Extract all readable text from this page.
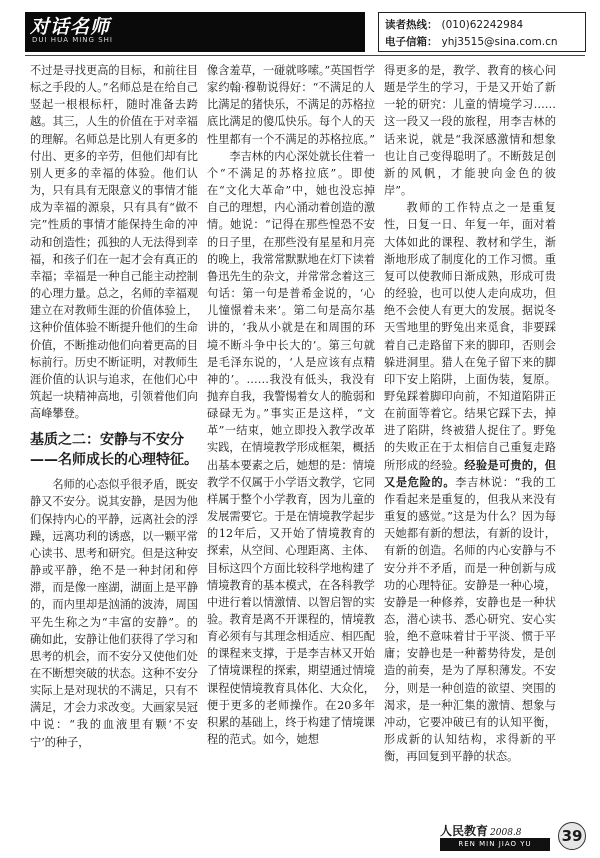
对话名师
DUI HUA MING SHI
读者热线： (010)62242984
电子信箱： yhj3515@sina.com.cn

不过是寻找更高的目标，和前往目标之手段的人。”名师总是在给自己竖起一根根标杆，随时准备去跨越。其三，人生的价值在于对幸福的理解。名师总是比别人有更多的付出、更多的辛劳，但他们却有比别人更多的幸福的体验。他们认为，只有具有无限意义的事情才能成为幸福的源泉，只有具有“做不完”性质的事情才能保持生命的冲动和创造性；孤独的人无法得到幸福，和孩子们在一起才会有真正的幸福；幸福是一种自己能主动控制的心理力量。总之，名师的幸福观建立在对教师生涯的价值体验上，这种价值体验不断提升他们的生命价值，不断推动他们向着更高的目标前行。历史不断证明，对教师生涯价值的认识与追求，在他们心中筑起一块精神高地，引领着他们向高峰攀登。

基质之二：安静与不安分——名师成长的心理特征。

名师的心态似乎很矛盾，既安静又不安分。说其安静，是因为他们保持内心的平静，远离社会的浮躁，远离功利的诱惑，以一颗平常心读书、思考和研究。但是这种安静或平静，绝不是一种封闭和停滞，而是像一座湖，湖面上是平静的，而内里却是汹涌的波涛，周国平先生称之为“丰富的安静”。的确如此，安静让他们获得了学习和思考的机会，而不安分又使他们处在不断想突破的状态。这种不安分实际上是对现状的不满足，只有不满足，才会力求改变。大画家吴冠中说：“我的血液里有颗‘不安宁’的种子，

像含羞草，一碰就哆嗦。”英国哲学家约翰·穆勒说得好：“不满足的人比满足的猪快乐，不满足的苏格拉底比满足的傻瓜快乐。每个人的天性里都有一个不满足的苏格拉底。”

李吉林的内心深处就长住着一个“不满足的苏格拉底”。即使在“文化大革命”中，她也没忘掉自己的理想，内心涌动着创造的激情。她说：“记得在那些惶恐不安的日子里，在那些没有星星和月亮的晚上，我常常默默地在灯下读着鲁迅先生的杂文，并常常念着这三句话：第一句是普希金说的，‘心儿憧憬着未来’。第二句是高尔基讲的，‘我从小就是在和周围的环境不断斗争中长大的’。第三句就是毛泽东说的，‘人是应该有点精神的’。……我没有低头，我没有抛弃自我，我警惕着女人的脆弱和碌碌无为。”事实正是这样，“文革”一结束，她立即投入教学改革实践，在情境教学形成框架，概括出基本要素之后，她想的是：情境教学不仅属于小学语文教学，它同样属于整个小学教育，因为儿童的发展需要它。于是在情境教学起步的12年后，又开始了情境教育的探索，从空间、心理距离、主体、目标这四个方面比较科学地构建了情境教育的基本模式，在各科教学中进行着以情激情、以智启智的实验。教育是离不开课程的，情境教育必须有与其理念相适应、相匹配的课程来支撑，于是李吉林又开始了情境课程的探索，期望通过情境课程使情境教育具体化、大众化，便于更多的老师操作。在20多年积累的基础上，终于构建了情境课程的范式。如今，她想

得更多的是，教学、教育的核心问题是学生的学习，于是又开始了新一轮的研究：儿童的情境学习……这一段又一段的旅程，用李吉林的话来说，就是“我深感激情和想象也让自己变得聪明了。不断鼓足创新的风帆，才能驶向金色的彼岸”。

教师的工作特点之一是重复性，日复一日、年复一年，面对着大体如此的课程、教材和学生，渐渐地形成了制度化的工作习惯。重复可以使教师日渐成熟，形成可贵的经验，也可以使人走向成功，但绝不会使人有更大的发展。据说冬天雪地里的野兔出来觅食，非要踩着自己走路留下来的脚印，否则会躲进洞里。猎人在兔子留下来的脚印下安上陷阱，上面伪装，复原。野兔踩着脚印向前，不知道陷阱正在前面等着它。结果它踩下去，掉进了陷阱，终被猎人捉住了。野兔的失败正在于太相信自己重复走路所形成的经验。经验是可贵的，但又是危险的。李吉林说：“我的工作看起来是重复的，但我从来没有重复的感觉。”这是为什么？因为每天她都有新的想法，有新的设计，有新的创造。名师的内心安静与不安分并不矛盾，而是一种创新与成功的心理特征。安静是一种心境，安静是一种修养，安静也是一种状态，潜心读书、悉心研究、安心实验，绝不意味着甘于平淡、惯于平庸；安静也是一种蓄势待发，是创造的前奏，是为了厚积薄发。不安分，则是一种创造的欲望、突围的渴求，是一种汇集的激情、想象与冲动，它要冲破已有的认知平衡，形成新的认知结构，求得新的平衡，再回复到平静的状态。

人民教育 2008.8
REN MIN JIAO YU	39
